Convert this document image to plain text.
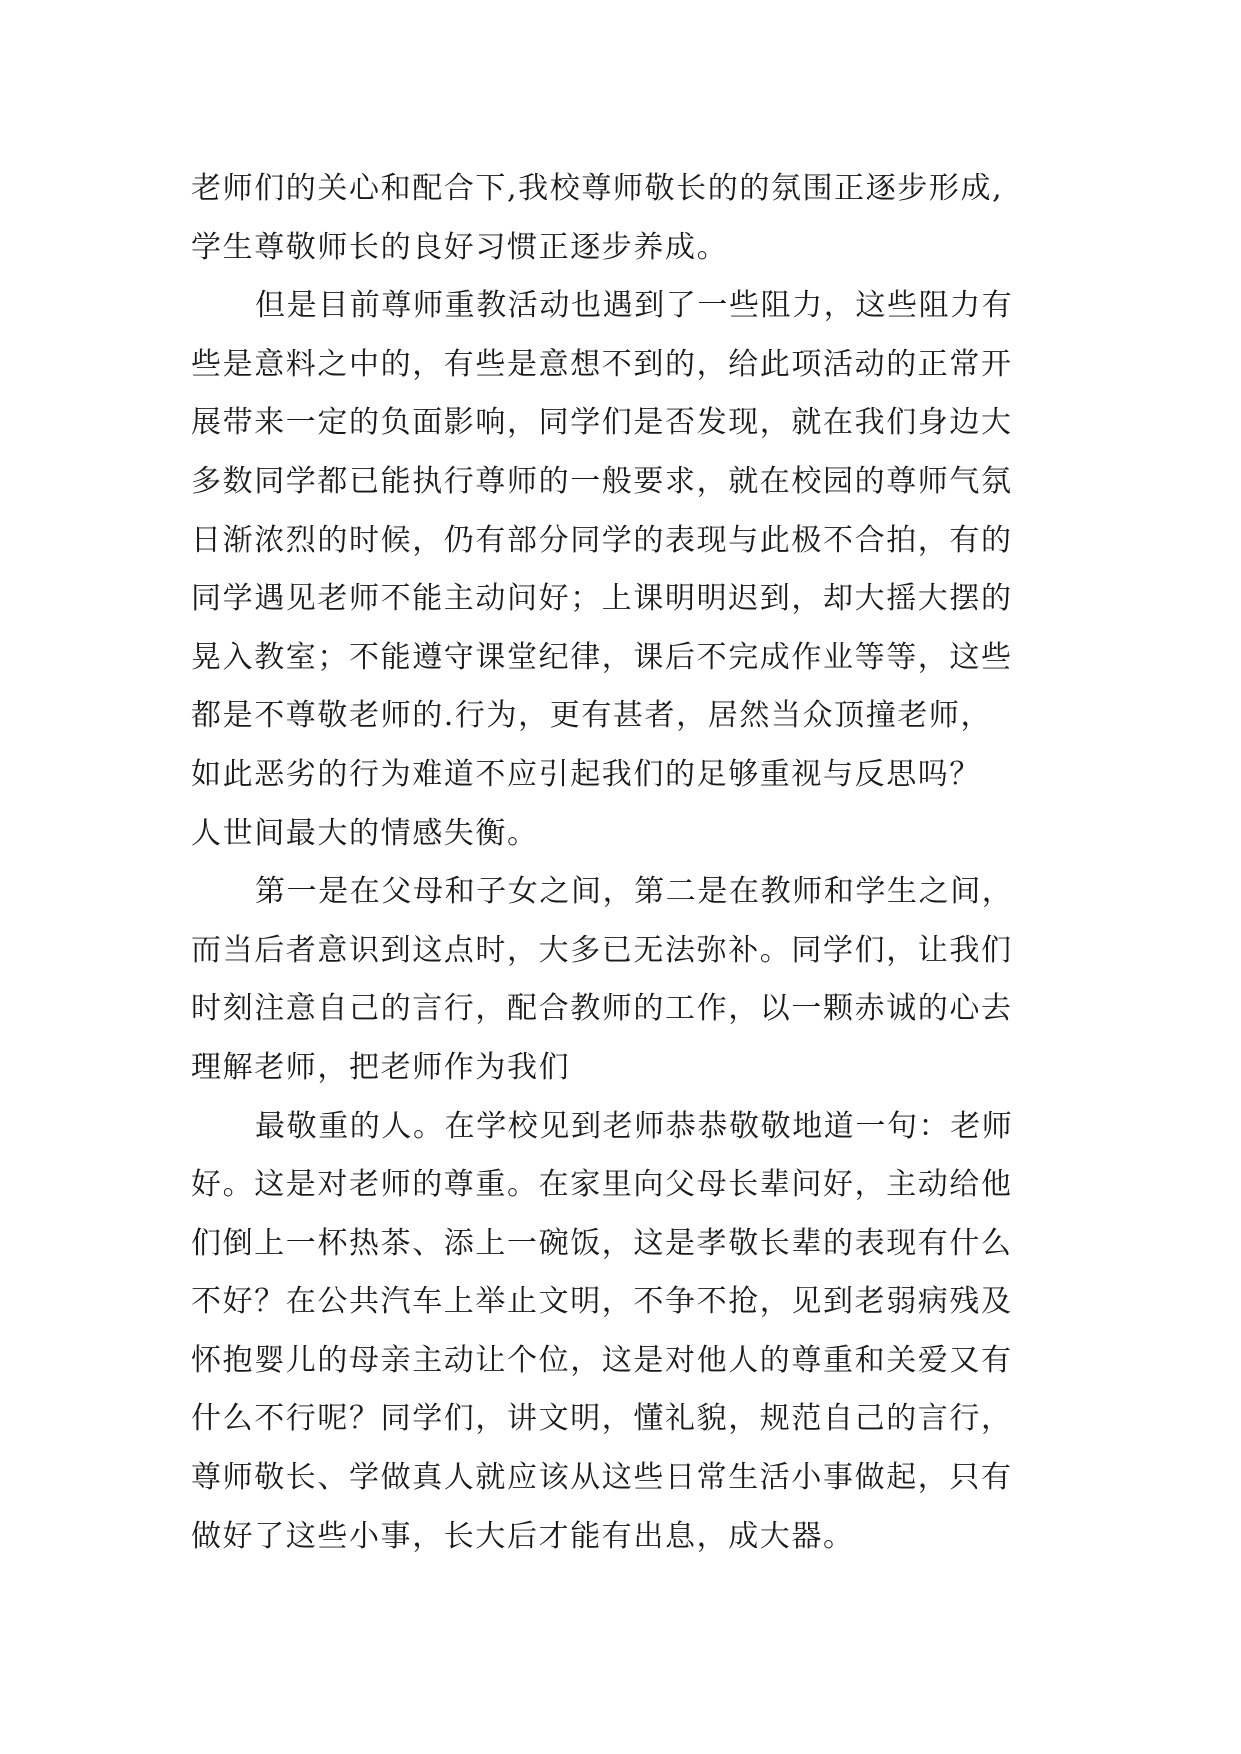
老师们的关心和配合下,我校尊师敬长的的氛围正逐步形成,
学生尊敬师长的良好习惯正逐步养成。
但是目前尊师重教活动也遇到了一些阻力，这些阻力有
些是意料之中的，有些是意想不到的，给此项活动的正常开
展带来一定的负面影响，同学们是否发现，就在我们身边大
多数同学都已能执行尊师的一般要求，就在校园的尊师气氛
日渐浓烈的时候，仍有部分同学的表现与此极不合拍，有的
同学遇见老师不能主动问好；上课明明迟到，却大摇大摆的
晃入教室；不能遵守课堂纪律，课后不完成作业等等，这些
都是不尊敬老师的.行为，更有甚者，居然当众顶撞老师，
如此恶劣的行为难道不应引起我们的足够重视与反思吗？
人世间最大的情感失衡。
第一是在父母和子女之间，第二是在教师和学生之间，
而当后者意识到这点时，大多已无法弥补。同学们，让我们
时刻注意自己的言行，配合教师的工作，以一颗赤诚的心去
理解老师，把老师作为我们
最敬重的人。在学校见到老师恭恭敬敬地道一句：老师
好。这是对老师的尊重。在家里向父母长辈问好，主动给他
们倒上一杯热茶、添上一碗饭，这是孝敬长辈的表现有什么
不好？在公共汽车上举止文明，不争不抢，见到老弱病残及
怀抱婴儿的母亲主动让个位，这是对他人的尊重和关爱又有
什么不行呢？同学们，讲文明，懂礼貌，规范自己的言行，
尊师敬长、学做真人就应该从这些日常生活小事做起，只有
做好了这些小事，长大后才能有出息，成大器。
